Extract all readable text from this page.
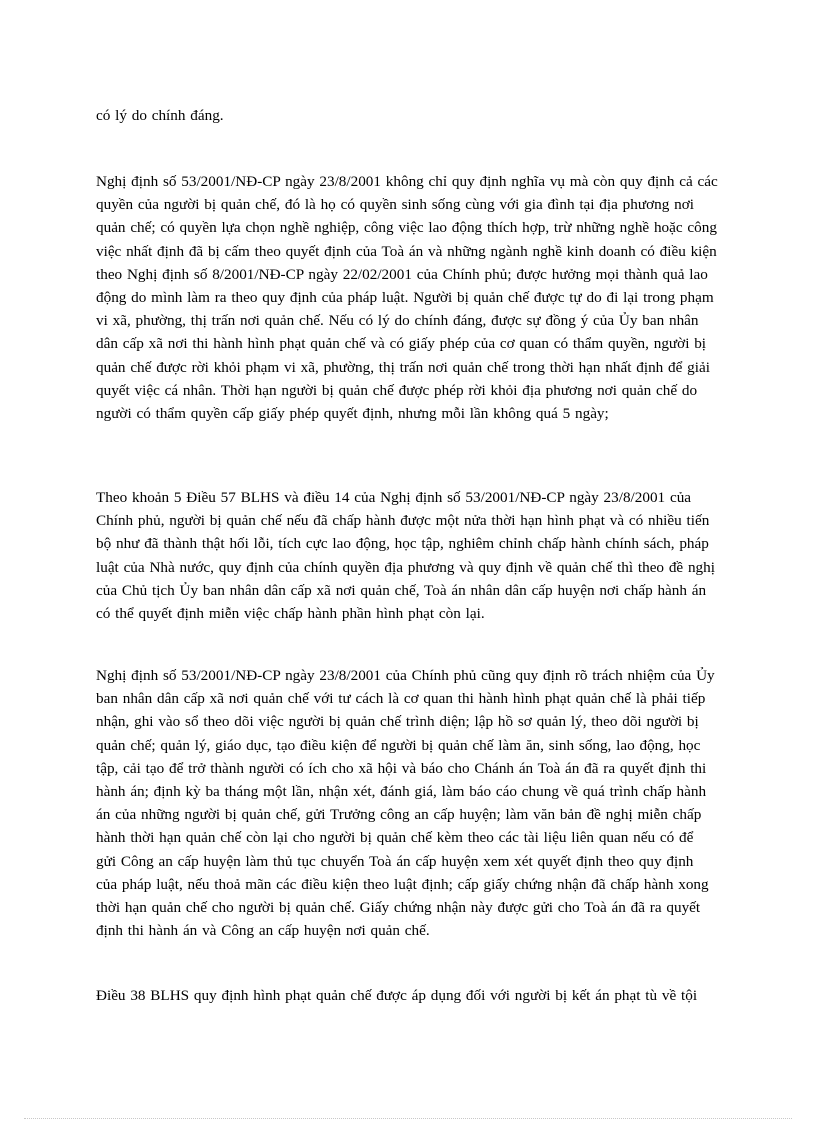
có lý do chính đáng.

Nghị định số 53/2001/NĐ-CP ngày 23/8/2001 không chỉ quy định nghĩa vụ mà còn quy định cả các quyền của người bị quản chế, đó là họ có quyền sinh sống cùng với gia đình tại địa phương nơi quản chế; có quyền lựa chọn nghề nghiệp, công việc lao động thích hợp, trừ những nghề hoặc công việc nhất định đã bị cấm theo quyết định của Toà án và những ngành nghề kinh doanh có điều kiện theo Nghị định số 8/2001/NĐ-CP ngày 22/02/2001 của Chính phủ; được hưởng mọi thành quả lao động do mình làm ra theo quy định của pháp luật. Người bị quản chế được tự do đi lại trong phạm vi xã, phường, thị trấn nơi quản chế. Nếu có lý do chính đáng, được sự đồng ý của Ủy ban nhân dân cấp xã nơi thi hành hình phạt quản chế và có giấy phép của cơ quan có thẩm quyền, người bị quản chế được rời khỏi phạm vi xã, phường, thị trấn nơi quản chế trong thời hạn nhất định để giải quyết việc cá nhân. Thời hạn người bị quản chế được phép rời khỏi địa phương nơi quản chế do người có thẩm quyền cấp giấy phép quyết định, nhưng mỗi lần không quá 5 ngày;

Theo khoản 5 Điều 57 BLHS và điều 14 của Nghị định số 53/2001/NĐ-CP ngày 23/8/2001 của Chính phủ, người bị quản chế nếu đã chấp hành được một nửa thời hạn hình phạt và có nhiều tiến bộ như đã thành thật hối lỗi, tích cực lao động, học tập, nghiêm chỉnh chấp hành chính sách, pháp luật của Nhà nước, quy định của chính quyền địa phương và quy định về quản chế thì theo đề nghị của Chủ tịch Ủy ban nhân dân cấp xã nơi quản chế, Toà án nhân dân cấp huyện nơi chấp hành án có thể quyết định miễn việc chấp hành phần hình phạt còn lại.

Nghị định số 53/2001/NĐ-CP ngày 23/8/2001 của Chính phủ cũng quy định rõ trách nhiệm của Ủy ban nhân dân cấp xã nơi quản chế với tư cách là cơ quan thi hành hình phạt quản chế là phải tiếp nhận, ghi vào sổ theo dõi việc người bị quản chế trình diện; lập hồ sơ quản lý, theo dõi người bị quản chế; quản lý, giáo dục, tạo điều kiện để người bị quản chế làm ăn, sinh sống, lao động, học tập, cải tạo để trở thành người có ích cho xã hội và báo cho Chánh án Toà án đã ra quyết định thi hành án; định kỳ ba tháng một lần, nhận xét, đánh giá, làm báo cáo chung về quá trình chấp hành án của những người bị quản chế, gửi Trưởng công an cấp huyện; làm văn bản đề nghị miễn chấp hành thời hạn quản chế còn lại cho người bị quản chế kèm theo các tài liệu liên quan nếu có để gửi Công an cấp huyện làm thủ tục chuyển Toà án cấp huyện xem xét quyết định theo quy định của pháp luật, nếu thoả mãn các điều kiện theo luật định; cấp giấy chứng nhận đã chấp hành xong thời hạn quản chế cho người bị quản chế. Giấy chứng nhận này được gửi cho Toà án đã ra quyết định thi hành án và Công an cấp huyện nơi quản chế.

Điều 38 BLHS quy định hình phạt quản chế được áp dụng đối với người bị kết án phạt tù về tội
